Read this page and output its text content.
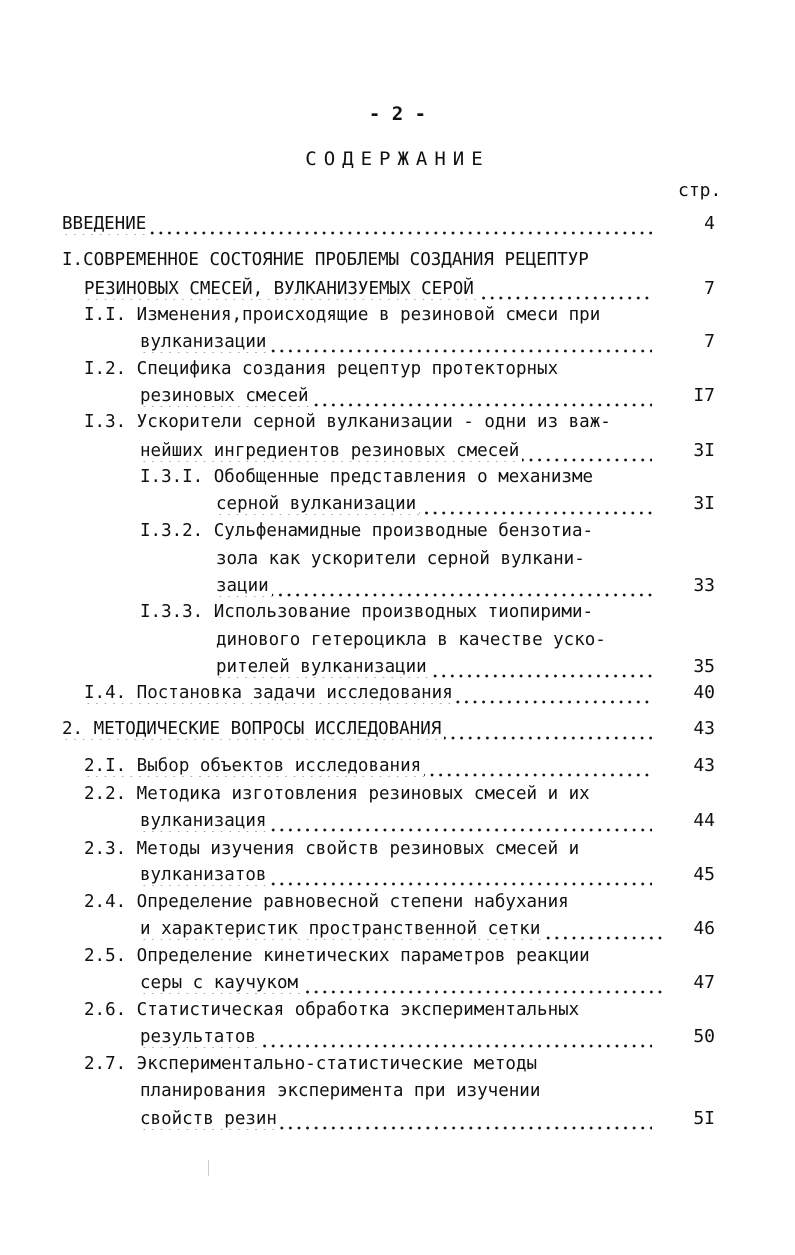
- 2 -
СОДЕРЖАНИЕ
стр.
ВВЕДЕНИЕ	4
I.СОВРЕМЕННОЕ СОСТОЯНИЕ ПРОБЛЕМЫ СОЗДАНИЯ РЕЦЕПТУР
РЕЗИНОВЫХ СМЕСЕЙ, ВУЛКАНИЗУЕМЫХ СЕРОЙ	7
I.I. Изменения,происходящие в резиновой смеси при
вулканизации	7
I.2. Специфика создания рецептур протекторных
резиновых смесей	I7
I.3. Ускорители серной вулканизации - одни из важ-
нейших ингредиентов резиновых смесей	3I
I.3.I. Обобщенные представления о механизме
серной вулканизации	3I
I.3.2. Сульфенамидные производные бензотиа-
зола как ускорители серной вулкани-
зации	33
I.3.3. Использование производных тиопирими-
динового гетероцикла в качестве уско-
рителей вулканизации	35
I.4. Постановка задачи исследования	40
2. МЕТОДИЧЕСКИЕ ВОПРОСЫ ИССЛЕДОВАНИЯ	43
2.I. Выбор объектов исследования	43
2.2. Методика изготовления резиновых смесей и их
вулканизация	44
2.3. Методы изучения свойств резиновых смесей и
вулканизатов	45
2.4. Определение равновесной степени набухания
и характеристик пространственной сетки	46
2.5. Определение кинетических параметров реакции
серы с каучуком	47
2.6. Статистическая обработка экспериментальных
результатов	50
2.7. Экспериментально-статистические методы
планирования эксперимента при изучении
свойств резин	5I
